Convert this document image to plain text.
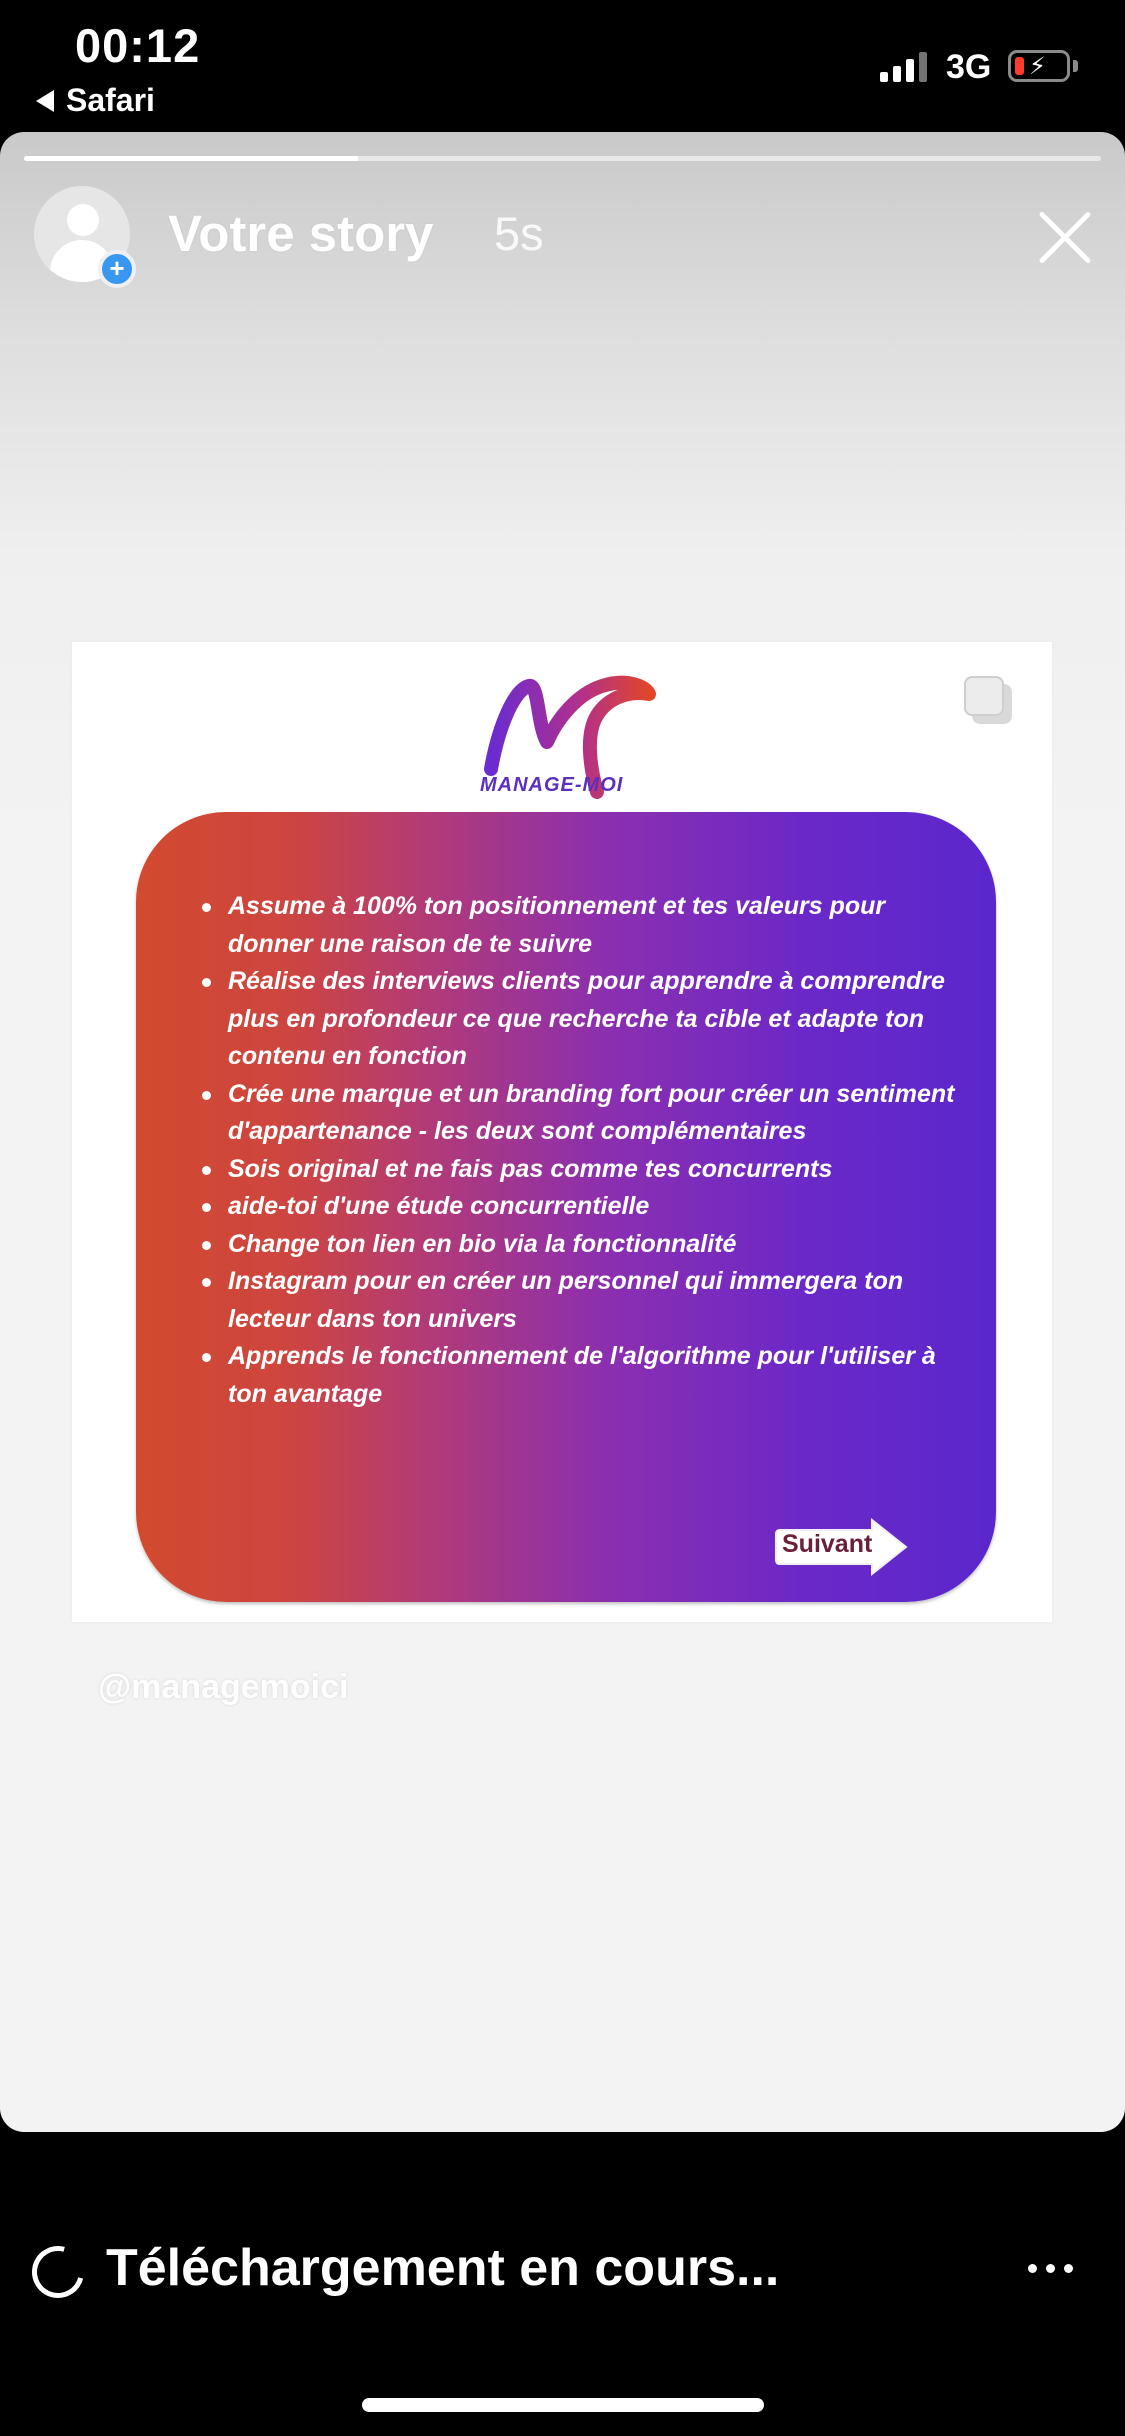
00:12
Safari
3G ⚡
+
Votre story 5s
MANAGE-MOI
Assume à 100% ton positionnement et tes valeurs pour donner une raison de te suivre
Réalise des interviews clients pour apprendre à comprendre plus en profondeur ce que recherche ta cible et adapte ton contenu en fonction
Crée une marque et un branding fort pour créer un sentiment d'appartenance - les deux sont complémentaires
Sois original et ne fais pas comme tes concurrents
aide-toi d'une étude concurrentielle
Change ton lien en bio via la fonctionnalité
Instagram pour en créer un personnel qui immergera ton lecteur dans ton univers
Apprends le fonctionnement de l'algorithme pour l'utiliser à ton avantage
Suivant
@managemoici
Téléchargement en cours...
